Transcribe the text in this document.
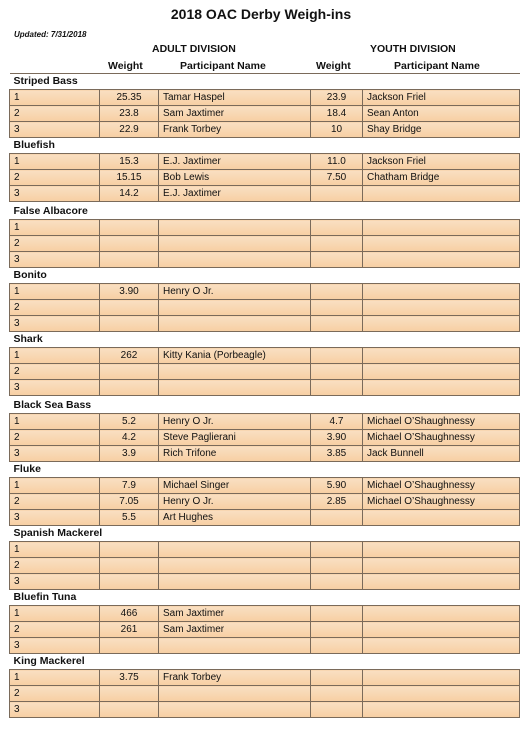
2018 OAC Derby Weigh-ins
Updated: 7/31/2018
ADULT DIVISION	YOUTH DIVISION
Weight	Participant Name	Weight	Participant Name
Striped Bass				
1	25.35	Tamar Haspel	23.9	Jackson Friel
2	23.8	Sam Jaxtimer	18.4	Sean Anton
3	22.9	Frank Torbey	10	Shay Bridge
Bluefish				
1	15.3	E.J. Jaxtimer	11.0	Jackson Friel
2	15.15	Bob Lewis	7.50	Chatham Bridge
3	14.2	E.J. Jaxtimer		
False Albacore				
1				
2				
3				
Bonito				
1	3.90	Henry O Jr.		
2				
3				
Shark				
1	262	Kitty Kania (Porbeagle)		
2				
3				
Black Sea Bass				
1	5.2	Henry O Jr.	4.7	Michael O’Shaughnessy
2	4.2	Steve Paglierani	3.90	Michael O’Shaughnessy
3	3.9	Rich Trifone	3.85	Jack Bunnell
Fluke				
1	7.9	Michael Singer	5.90	Michael O’Shaughnessy
2	7.05	Henry O Jr.	2.85	Michael O’Shaughnessy
3	5.5	Art Hughes		
Spanish Mackerel				
1				
2				
3				
Bluefin Tuna				
1	466	Sam Jaxtimer		
2	261	Sam Jaxtimer		
3				
King Mackerel				
1	3.75	Frank Torbey		
2				
3				
